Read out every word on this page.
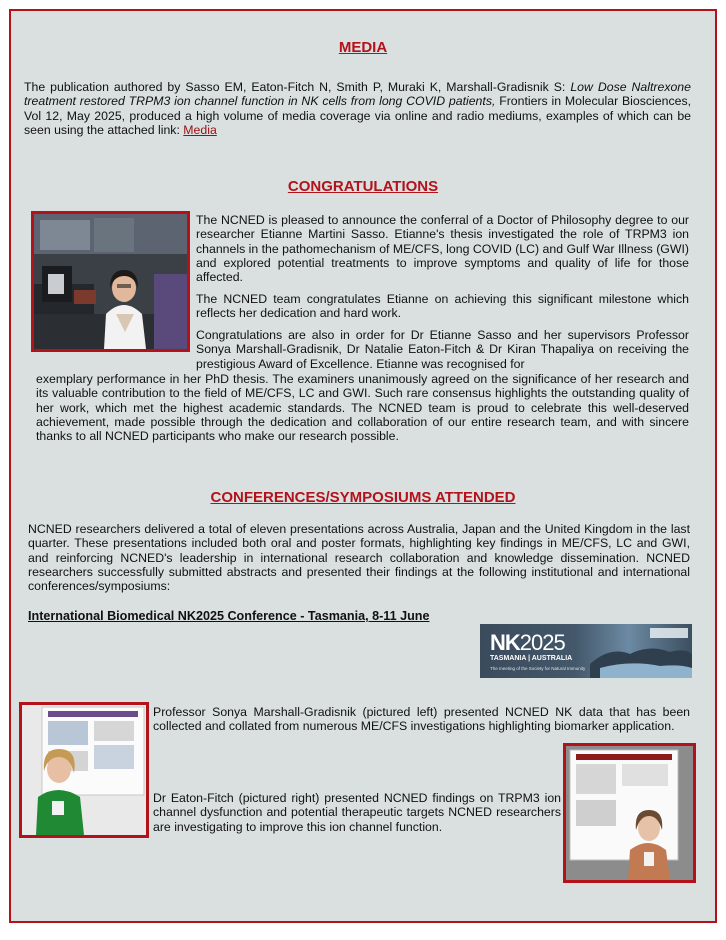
MEDIA

The publication authored by Sasso EM, Eaton-Fitch N, Smith P, Muraki K, Marshall-Gradisnik S: Low Dose Naltrexone treatment restored TRPM3 ion channel function in NK cells from long COVID patients, Frontiers in Molecular Biosciences, Vol 12, May 2025, produced a high volume of media coverage via online and radio mediums, examples of which can be seen using the attached link: Media

CONGRATULATIONS

The NCNED is pleased to announce the conferral of a Doctor of Philosophy degree to our researcher Etianne Martini Sasso. Etianne's thesis investigated the role of TRPM3 ion channels in the pathomechanism of ME/CFS, long COVID (LC) and Gulf War Illness (GWI) and explored potential treatments to improve symptoms and quality of life for those affected.

The NCNED team congratulates Etianne on achieving this significant milestone which reflects her dedication and hard work.

Congratulations are also in order for Dr Etianne Sasso and her supervisors Professor Sonya Marshall-Gradisnik, Dr Natalie Eaton-Fitch & Dr Kiran Thapaliya on receiving the prestigious Award of Excellence. Etianne was recognised for

exemplary performance in her PhD thesis. The examiners unanimously agreed on the significance of her research and its valuable contribution to the field of ME/CFS, LC and GWI. Such rare consensus highlights the outstanding quality of her work, which met the highest academic standards. The NCNED team is proud to celebrate this well-deserved achievement, made possible through the dedication and collaboration of our entire research team, and with sincere thanks to all NCNED participants who make our research possible.

CONFERENCES/SYMPOSIUMS ATTENDED

NCNED researchers delivered a total of eleven presentations across Australia, Japan and the United Kingdom in the last quarter. These presentations included both oral and poster formats, highlighting key findings in ME/CFS, LC and GWI, and reinforcing NCNED's leadership in international research collaboration and knowledge dissemination. NCNED researchers successfully submitted abstracts and presented their findings at the following institutional and international conferences/symposiums:

International Biomedical NK2025 Conference - Tasmania, 8-11 June
NK2025
TASMANIA | AUSTRALIA
The meeting of the Society for Natural Immunity

Professor Sonya Marshall-Gradisnik (pictured left) presented NCNED NK data that has been collected and collated from numerous ME/CFS investigations highlighting biomarker application.

Dr Eaton-Fitch (pictured right) presented NCNED findings on TRPM3 ion channel dysfunction and potential therapeutic targets NCNED researchers are investigating to improve this ion channel function.
